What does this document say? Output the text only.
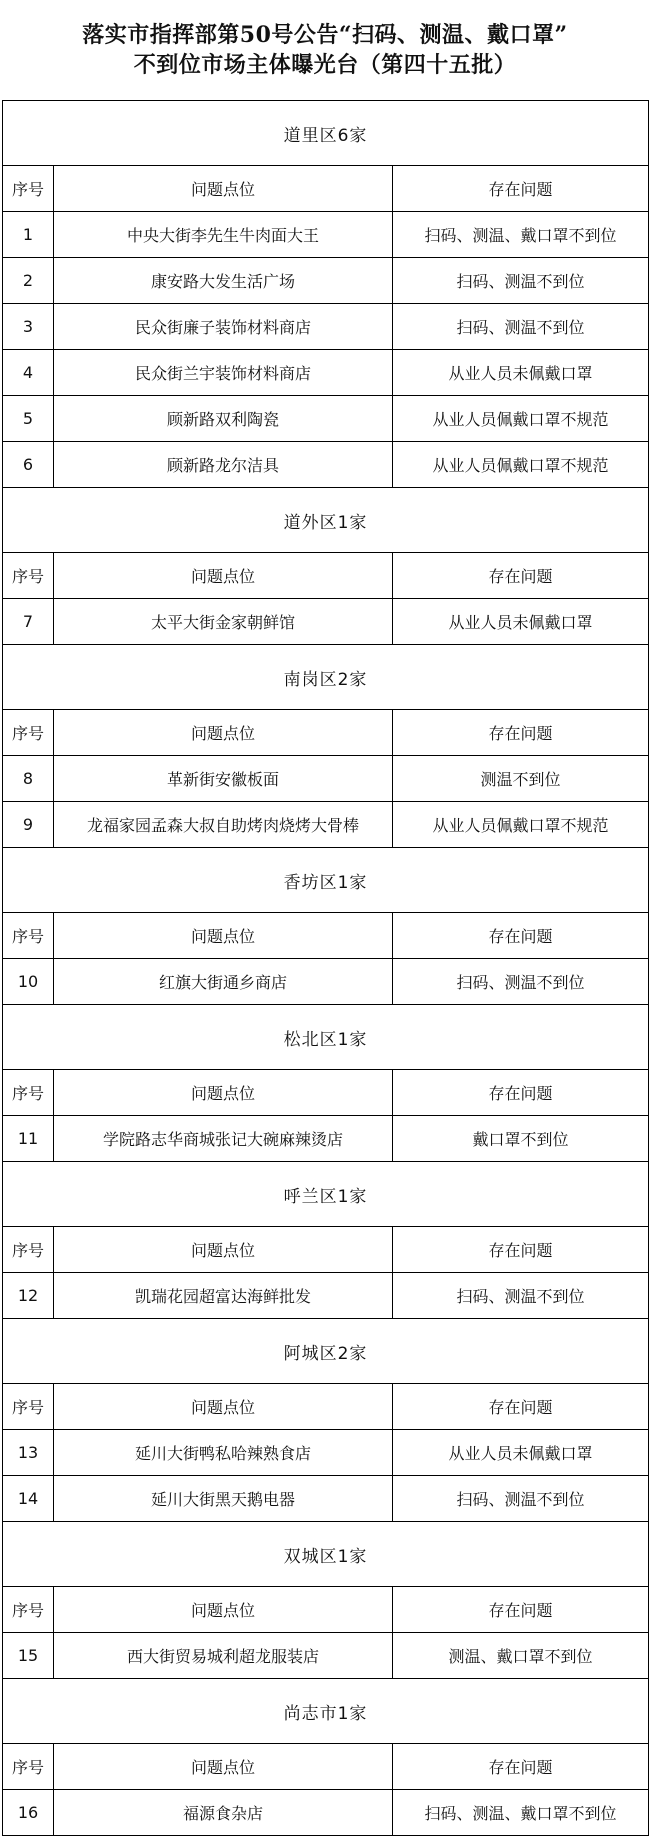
落实市指挥部第50号公告“扫码、测温、戴口罩”
不到位市场主体曝光台（第四十五批）
道里区6家		
序号	问题点位	存在问题
1	中央大街李先生牛肉面大王	扫码、测温、戴口罩不到位
2	康安路大发生活广场	扫码、测温不到位
3	民众街廉子装饰材料商店	扫码、测温不到位
4	民众街兰宇装饰材料商店	从业人员未佩戴口罩
5	顾新路双利陶瓷	从业人员佩戴口罩不规范
6	顾新路龙尔洁具	从业人员佩戴口罩不规范
道外区1家		
序号	问题点位	存在问题
7	太平大街金家朝鲜馆	从业人员未佩戴口罩
南岗区2家		
序号	问题点位	存在问题
8	革新街安徽板面	测温不到位
9	龙福家园孟森大叔自助烤肉烧烤大骨棒	从业人员佩戴口罩不规范
香坊区1家		
序号	问题点位	存在问题
10	红旗大街通乡商店	扫码、测温不到位
松北区1家		
序号	问题点位	存在问题
11	学院路志华商城张记大碗麻辣烫店	戴口罩不到位
呼兰区1家		
序号	问题点位	存在问题
12	凯瑞花园超富达海鲜批发	扫码、测温不到位
阿城区2家		
序号	问题点位	存在问题
13	延川大街鸭私哈辣熟食店	从业人员未佩戴口罩
14	延川大街黑天鹅电器	扫码、测温不到位
双城区1家		
序号	问题点位	存在问题
15	西大街贸易城利超龙服装店	测温、戴口罩不到位
尚志市1家		
序号	问题点位	存在问题
16	福源食杂店	扫码、测温、戴口罩不到位
